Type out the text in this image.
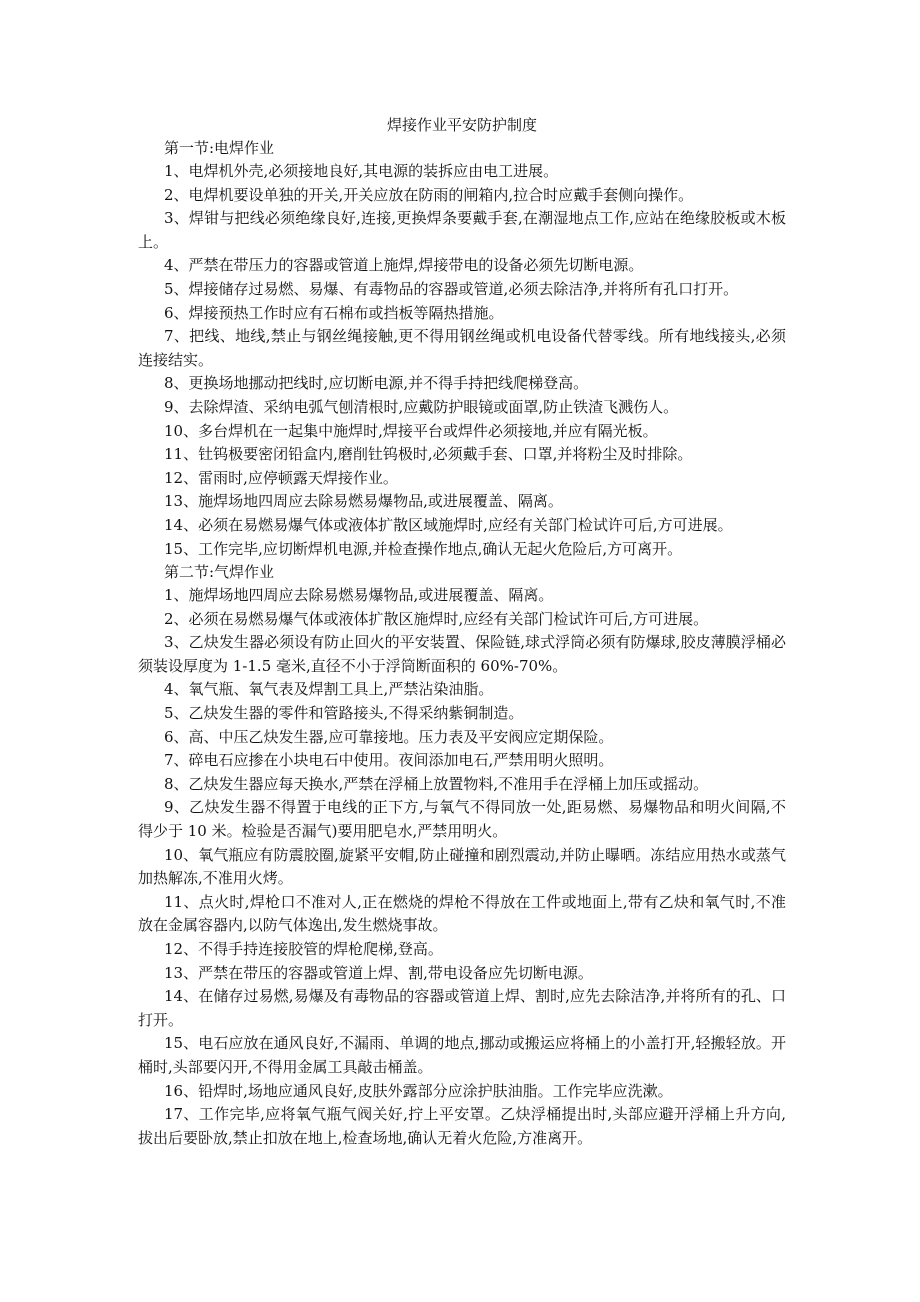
焊接作业平安防护制度

第一节:电焊作业

1、电焊机外壳,必须接地良好,其电源的装拆应由电工进展。

2、电焊机要设单独的开关,开关应放在防雨的闸箱内,拉合时应戴手套侧向操作。

3、焊钳与把线必须绝缘良好,连接,更换焊条要戴手套,在潮湿地点工作,应站在绝缘胶板或木板上。

4、严禁在带压力的容器或管道上施焊,焊接带电的设备必须先切断电源。

5、焊接储存过易燃、易爆、有毒物品的容器或管道,必须去除洁净,并将所有孔口打开。

6、焊接预热工作时应有石棉布或挡板等隔热措施。

7、把线、地线,禁止与钢丝绳接触,更不得用钢丝绳或机电设备代替零线。所有地线接头,必须连接结实。

8、更换场地挪动把线时,应切断电源,并不得手持把线爬梯登高。

9、去除焊渣、采纳电弧气刨清根时,应戴防护眼镜或面罩,防止铁渣飞溅伤人。

10、多台焊机在一起集中施焊时,焊接平台或焊件必须接地,并应有隔光板。

11、钍钨极要密闭铅盒内,磨削钍钨极时,必须戴手套、口罩,并将粉尘及时排除。

12、雷雨时,应停顿露天焊接作业。

13、施焊场地四周应去除易燃易爆物品,或进展覆盖、隔离。

14、必须在易燃易爆气体或液体扩散区域施焊时,应经有关部门检试许可后,方可进展。

15、工作完毕,应切断焊机电源,并检查操作地点,确认无起火危险后,方可离开。

第二节:气焊作业

1、施焊场地四周应去除易燃易爆物品,或进展覆盖、隔离。

2、必须在易燃易爆气体或液体扩散区施焊时,应经有关部门检试许可后,方可进展。

3、乙炔发生器必须设有防止回火的平安装置、保险链,球式浮筒必须有防爆球,胶皮薄膜浮桶必须装设厚度为 1-1.5 毫米,直径不小于浮筒断面积的 60%-70%。

4、氧气瓶、氧气表及焊割工具上,严禁沾染油脂。

5、乙炔发生器的零件和管路接头,不得采纳紫铜制造。

6、高、中压乙炔发生器,应可靠接地。压力表及平安阀应定期保险。

7、碎电石应掺在小块电石中使用。夜间添加电石,严禁用明火照明。

8、乙炔发生器应每天换水,严禁在浮桶上放置物料,不准用手在浮桶上加压或摇动。

9、乙炔发生器不得置于电线的正下方,与氧气不得同放一处,距易燃、易爆物品和明火间隔,不得少于 10 米。检验是否漏气)要用肥皂水,严禁用明火。

10、氧气瓶应有防震胶圈,旋紧平安帽,防止碰撞和剧烈震动,并防止曝晒。冻结应用热水或蒸气加热解冻,不准用火烤。

11、点火时,焊枪口不准对人,正在燃烧的焊枪不得放在工件或地面上,带有乙炔和氧气时,不准放在金属容器内,以防气体逸出,发生燃烧事故。

12、不得手持连接胶管的焊枪爬梯,登高。

13、严禁在带压的容器或管道上焊、割,带电设备应先切断电源。

14、在储存过易燃,易爆及有毒物品的容器或管道上焊、割时,应先去除洁净,并将所有的孔、口打开。

15、电石应放在通风良好,不漏雨、单调的地点,挪动或搬运应将桶上的小盖打开,轻搬轻放。开桶时,头部要闪开,不得用金属工具敲击桶盖。

16、铅焊时,场地应通风良好,皮肤外露部分应涂护肤油脂。工作完毕应洗漱。

17、工作完毕,应将氧气瓶气阀关好,拧上平安罩。乙炔浮桶提出时,头部应避开浮桶上升方向,拔出后要卧放,禁止扣放在地上,检查场地,确认无着火危险,方准离开。
